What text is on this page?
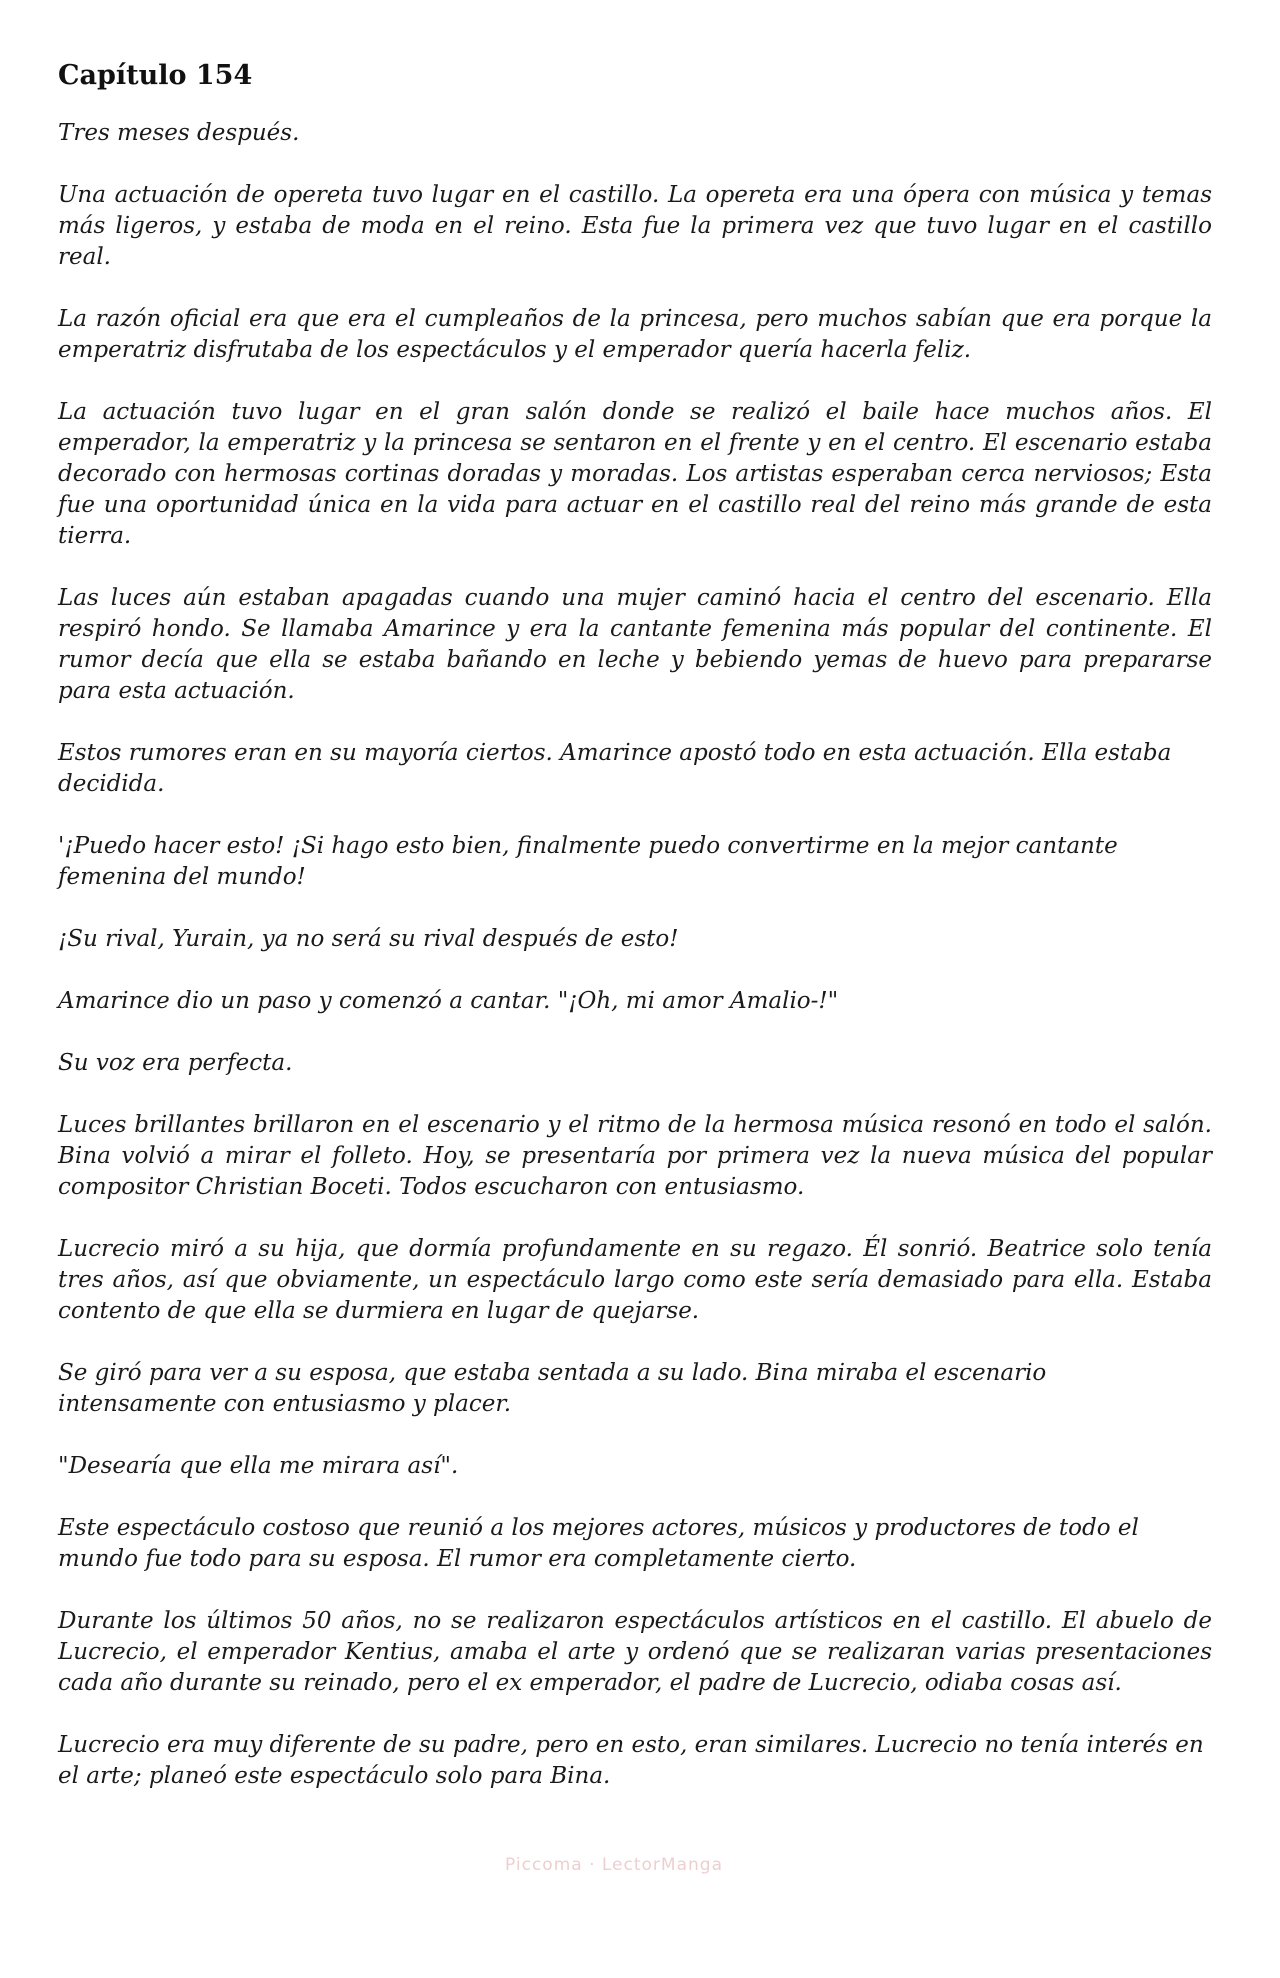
Capítulo 154

Tres meses después.

Una actuación de opereta tuvo lugar en el castillo. La opereta era una ópera con música y temas más ligeros, y estaba de moda en el reino. Esta fue la primera vez que tuvo lugar en el castillo real.

La razón oficial era que era el cumpleaños de la princesa, pero muchos sabían que era porque la emperatriz disfrutaba de los espectáculos y el emperador quería hacerla feliz.

La actuación tuvo lugar en el gran salón donde se realizó el baile hace muchos años. El emperador, la emperatriz y la princesa se sentaron en el frente y en el centro. El escenario estaba decorado con hermosas cortinas doradas y moradas. Los artistas esperaban cerca nerviosos; Esta fue una oportunidad única en la vida para actuar en el castillo real del reino más grande de esta tierra.

Las luces aún estaban apagadas cuando una mujer caminó hacia el centro del escenario. Ella respiró hondo. Se llamaba Amarince y era la cantante femenina más popular del continente. El rumor decía que ella se estaba bañando en leche y bebiendo yemas de huevo para prepararse para esta actuación.

Estos rumores eran en su mayoría ciertos. Amarince apostó todo en esta actuación. Ella estaba decidida.

'¡Puedo hacer esto! ¡Si hago esto bien, finalmente puedo convertirme en la mejor cantante femenina del mundo!

¡Su rival, Yurain, ya no será su rival después de esto!

Amarince dio un paso y comenzó a cantar. "¡Oh, mi amor Amalio-!"

Su voz era perfecta.

Luces brillantes brillaron en el escenario y el ritmo de la hermosa música resonó en todo el salón. Bina volvió a mirar el folleto. Hoy, se presentaría por primera vez la nueva música del popular compositor Christian Boceti. Todos escucharon con entusiasmo.

Lucrecio miró a su hija, que dormía profundamente en su regazo. Él sonrió. Beatrice solo tenía tres años, así que obviamente, un espectáculo largo como este sería demasiado para ella. Estaba contento de que ella se durmiera en lugar de quejarse.

Se giró para ver a su esposa, que estaba sentada a su lado. Bina miraba el escenario intensamente con entusiasmo y placer.

"Desearía que ella me mirara así".

Este espectáculo costoso que reunió a los mejores actores, músicos y productores de todo el mundo fue todo para su esposa. El rumor era completamente cierto.

Durante los últimos 50 años, no se realizaron espectáculos artísticos en el castillo. El abuelo de Lucrecio, el emperador Kentius, amaba el arte y ordenó que se realizaran varias presentaciones cada año durante su reinado, pero el ex emperador, el padre de Lucrecio, odiaba cosas así.

Lucrecio era muy diferente de su padre, pero en esto, eran similares. Lucrecio no tenía interés en el arte; planeó este espectáculo solo para Bina.

Piccoma · LectorManga
